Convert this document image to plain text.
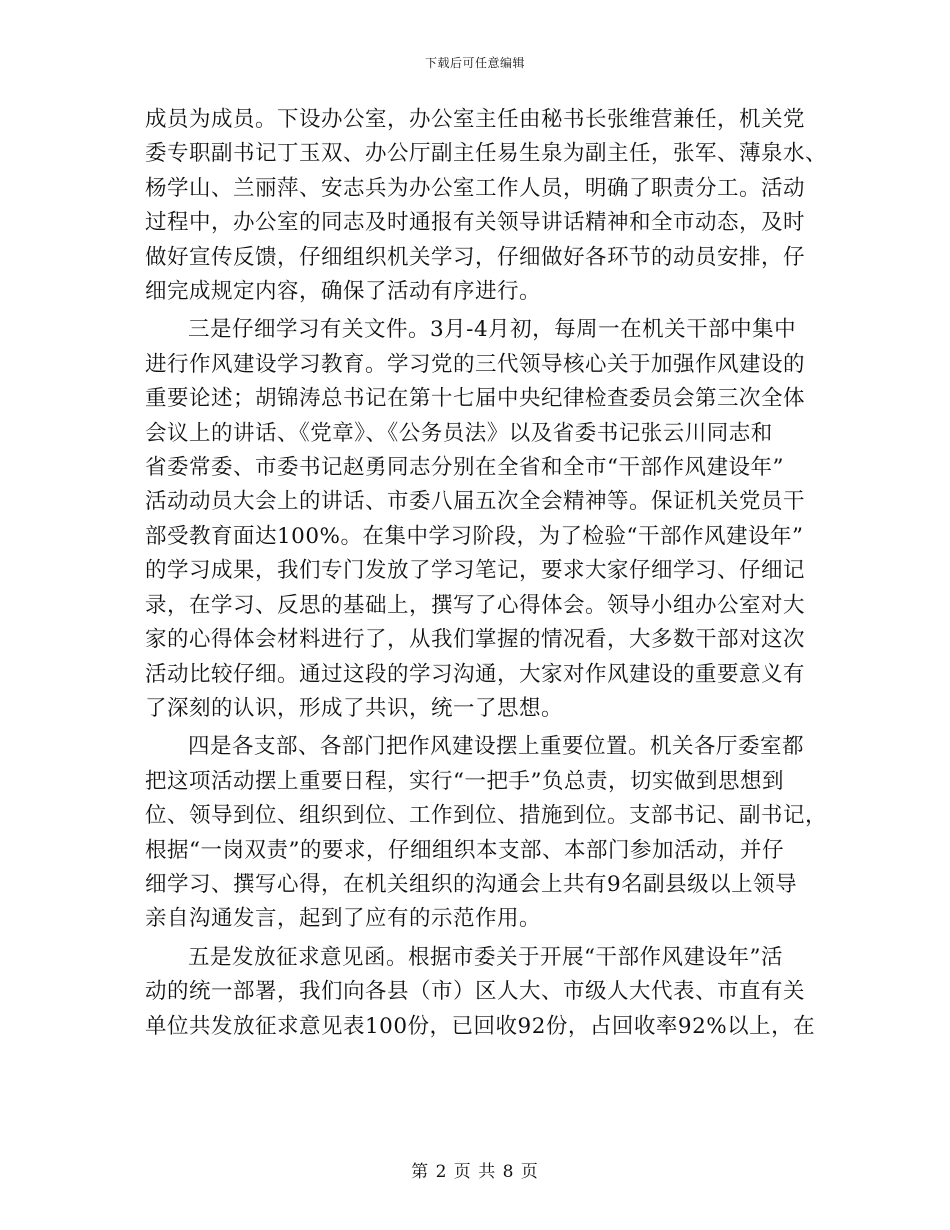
下载后可任意编辑
成员为成员。下设办公室，办公室主任由秘书长张维营兼任，机关党
委专职副书记丁玉双、办公厅副主任易生泉为副主任，张军、薄泉水、
杨学山、兰丽萍、安志兵为办公室工作人员，明确了职责分工。活动
过程中，办公室的同志及时通报有关领导讲话精神和全市动态，及时
做好宣传反馈，仔细组织机关学习，仔细做好各环节的动员安排，仔
细完成规定内容，确保了活动有序进行。
三是仔细学习有关文件。3月-4月初，每周一在机关干部中集中
进行作风建设学习教育。学习党的三代领导核心关于加强作风建设的
重要论述；胡锦涛总书记在第十七届中央纪律检查委员会第三次全体
会议上的讲话、《党章》、《公务员法》以及省委书记张云川同志和
省委常委、市委书记赵勇同志分别在全省和全市“干部作风建设年”
活动动员大会上的讲话、市委八届五次全会精神等。保证机关党员干
部受教育面达100%。在集中学习阶段，为了检验“干部作风建设年”
的学习成果，我们专门发放了学习笔记，要求大家仔细学习、仔细记
录，在学习、反思的基础上，撰写了心得体会。领导小组办公室对大
家的心得体会材料进行了，从我们掌握的情况看，大多数干部对这次
活动比较仔细。通过这段的学习沟通，大家对作风建设的重要意义有
了深刻的认识，形成了共识，统一了思想。
四是各支部、各部门把作风建设摆上重要位置。机关各厅委室都
把这项活动摆上重要日程，实行“一把手”负总责，切实做到思想到
位、领导到位、组织到位、工作到位、措施到位。支部书记、副书记，
根据“一岗双责”的要求，仔细组织本支部、本部门参加活动，并仔
细学习、撰写心得，在机关组织的沟通会上共有9名副县级以上领导
亲自沟通发言，起到了应有的示范作用。
五是发放征求意见函。根据市委关于开展“干部作风建设年”活
动的统一部署，我们向各县（市）区人大、市级人大代表、市直有关
单位共发放征求意见表100份，已回收92份，占回收率92%以上，在
第 2 页 共 8 页
